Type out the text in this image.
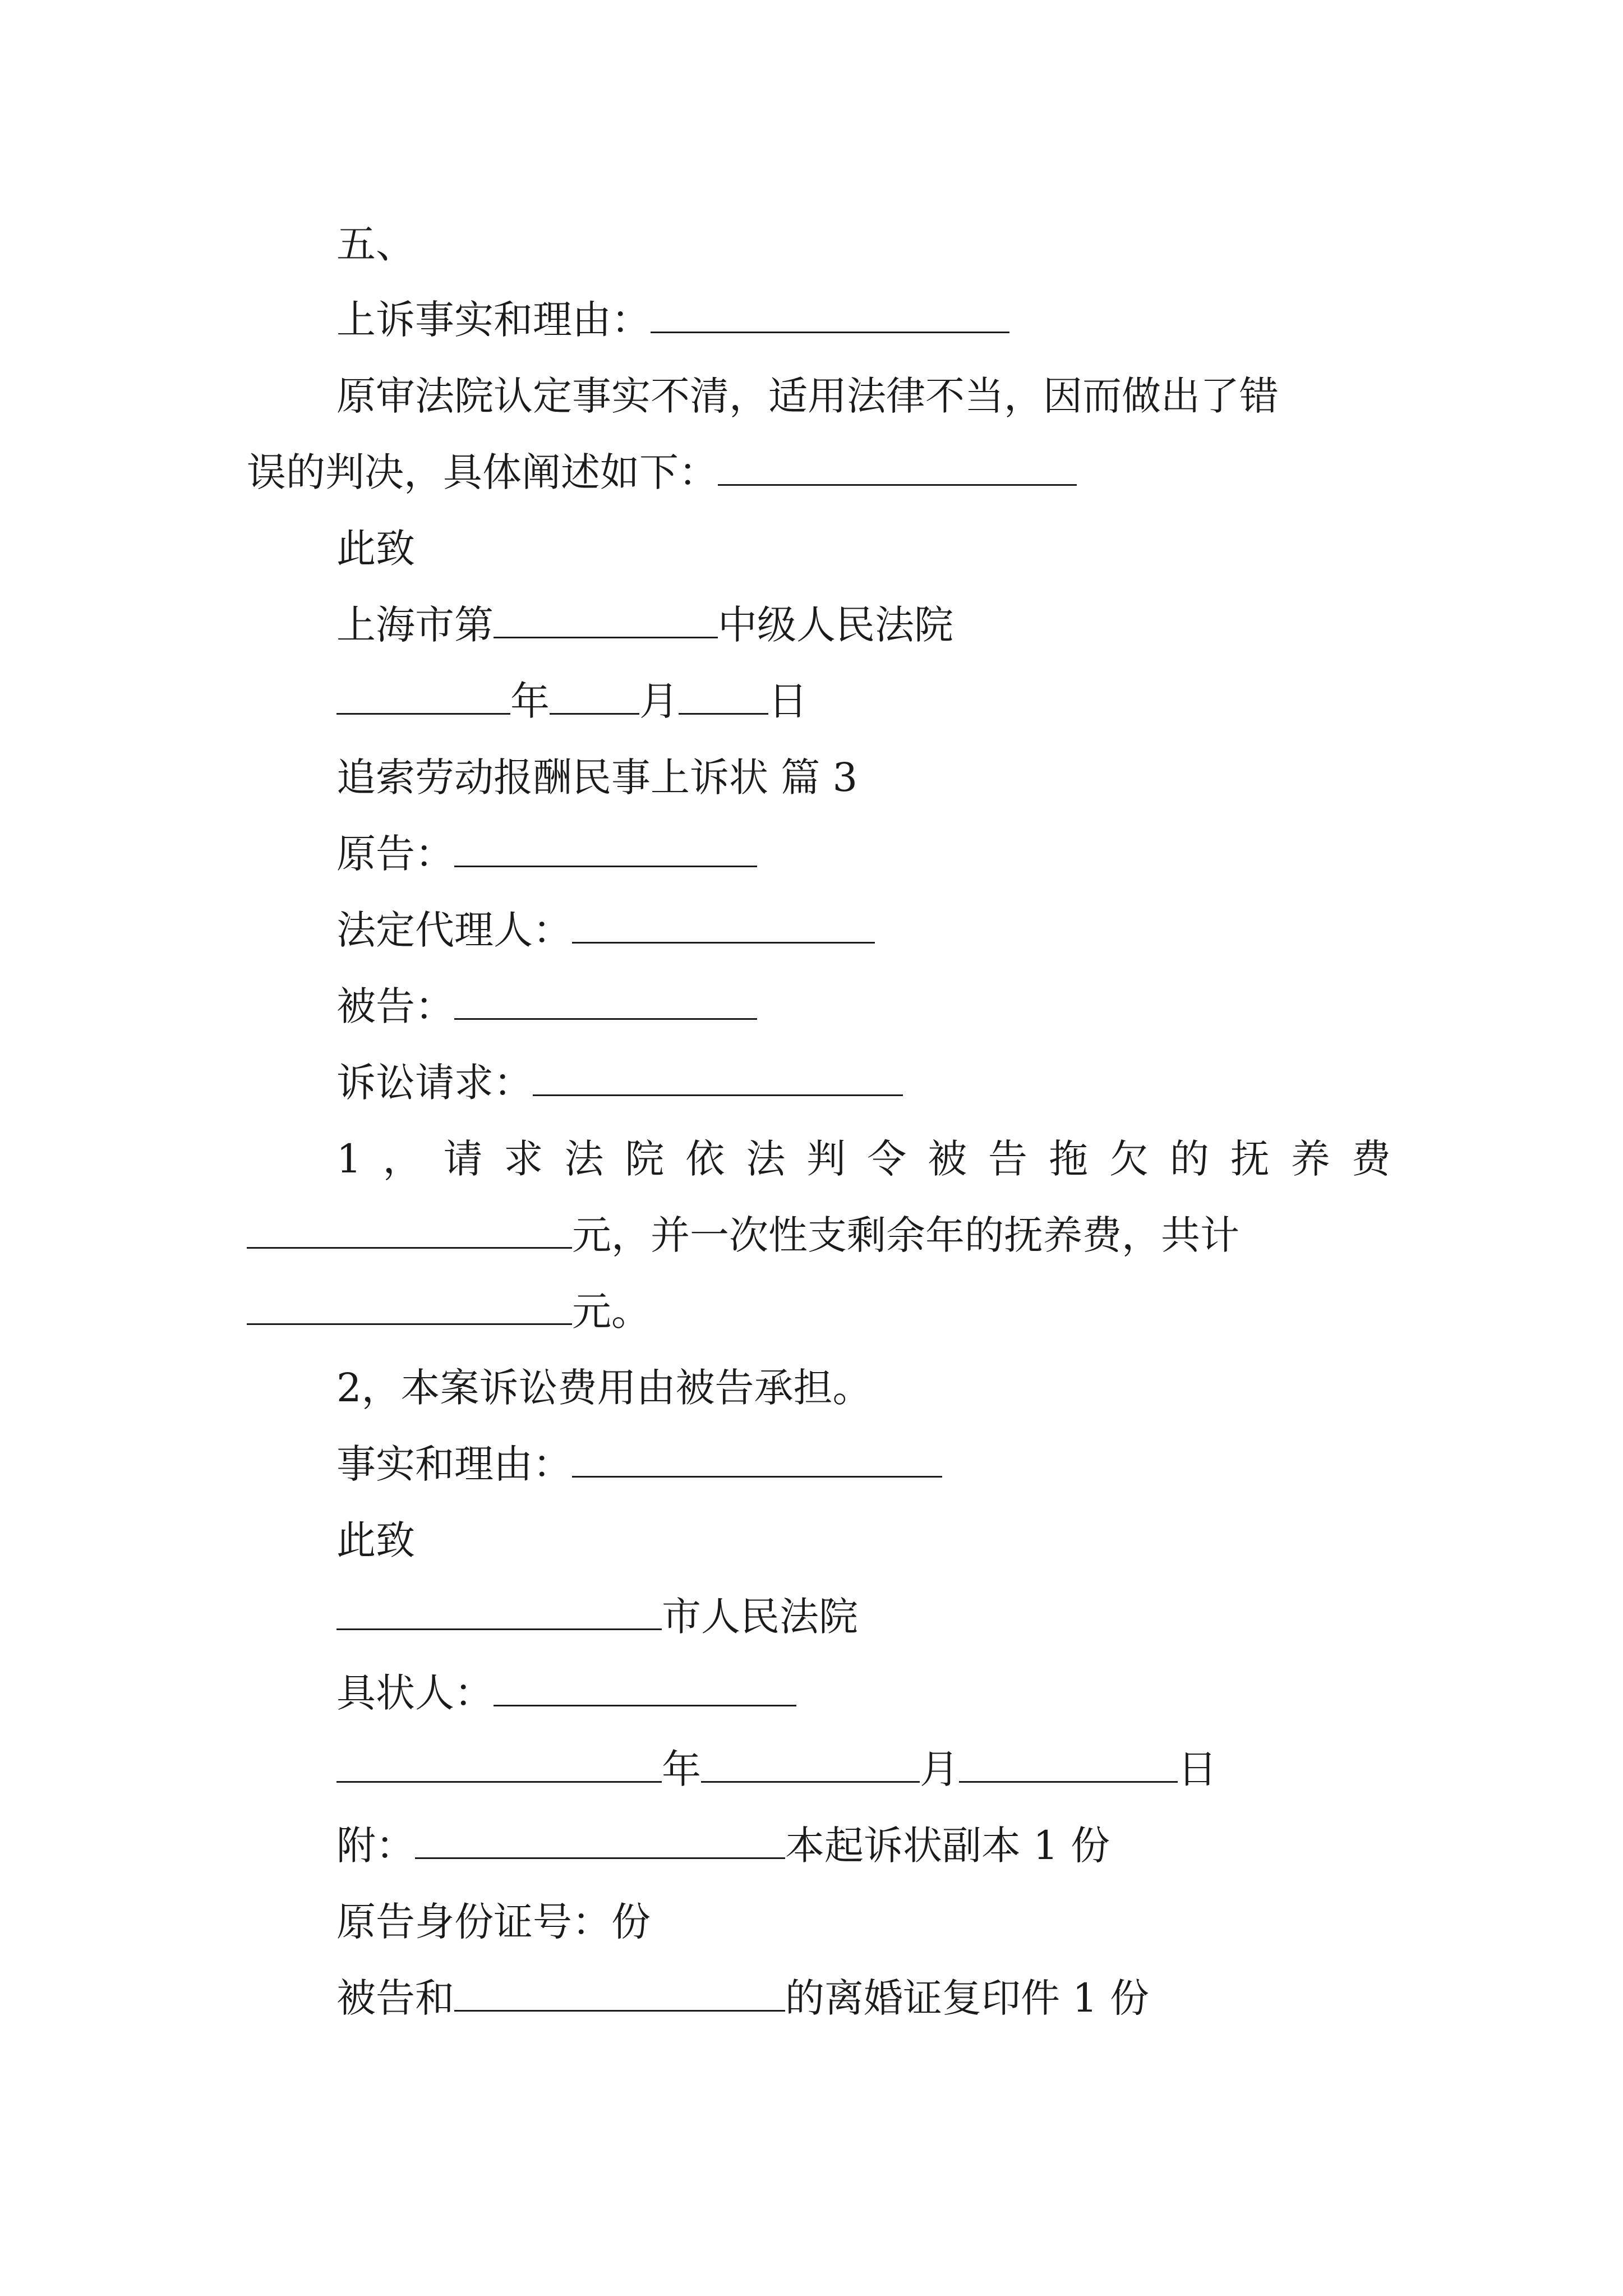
五、
上诉事实和理由：
原审法院认定事实不清，适用法律不当，因而做出了错
误的判决，具体阐述如下：
此致
上海市第	中级人民法院
年 月 日
追索劳动报酬民事上诉状 篇 3
原告：
法定代理人：
被告：
诉讼请求：
1 ， 请 求 法 院 依 法 判 令 被 告 拖 欠 的 抚 养 费
元，并一次性支剩余年的抚养费，共计
元。
2，本案诉讼费用由被告承担。
事实和理由：
此致
市人民法院
具状人：
年	月	日
附：	本起诉状副本 1 份
原告身份证号：份
被告和	的离婚证复印件 1 份
